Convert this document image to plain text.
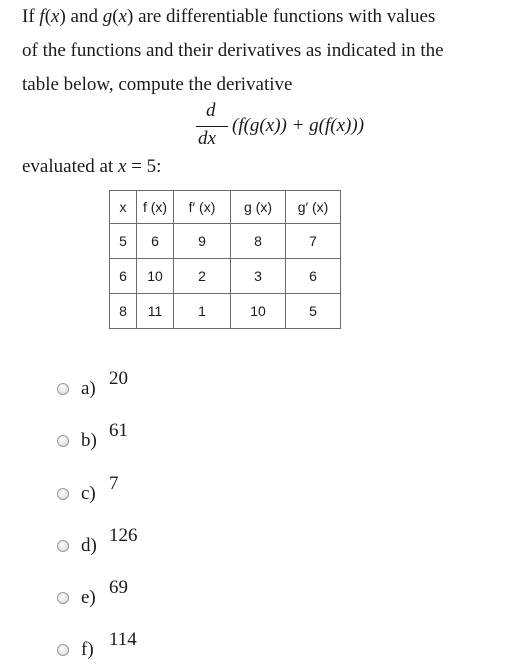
If f(x) and g(x) are differentiable functions with values
of the functions and their derivatives as indicated in the
table below, compute the derivative
d
dx
(f(g(x)) + g(f(x)))
evaluated at x = 5:
x	f (x)	f′ (x)	g (x)	g′ (x)
5	6	9	8	7
6	10	2	3	6
8	11	1	10	5
a) 20
b) 61
c) 7
d) 126
e) 69
f) 114
